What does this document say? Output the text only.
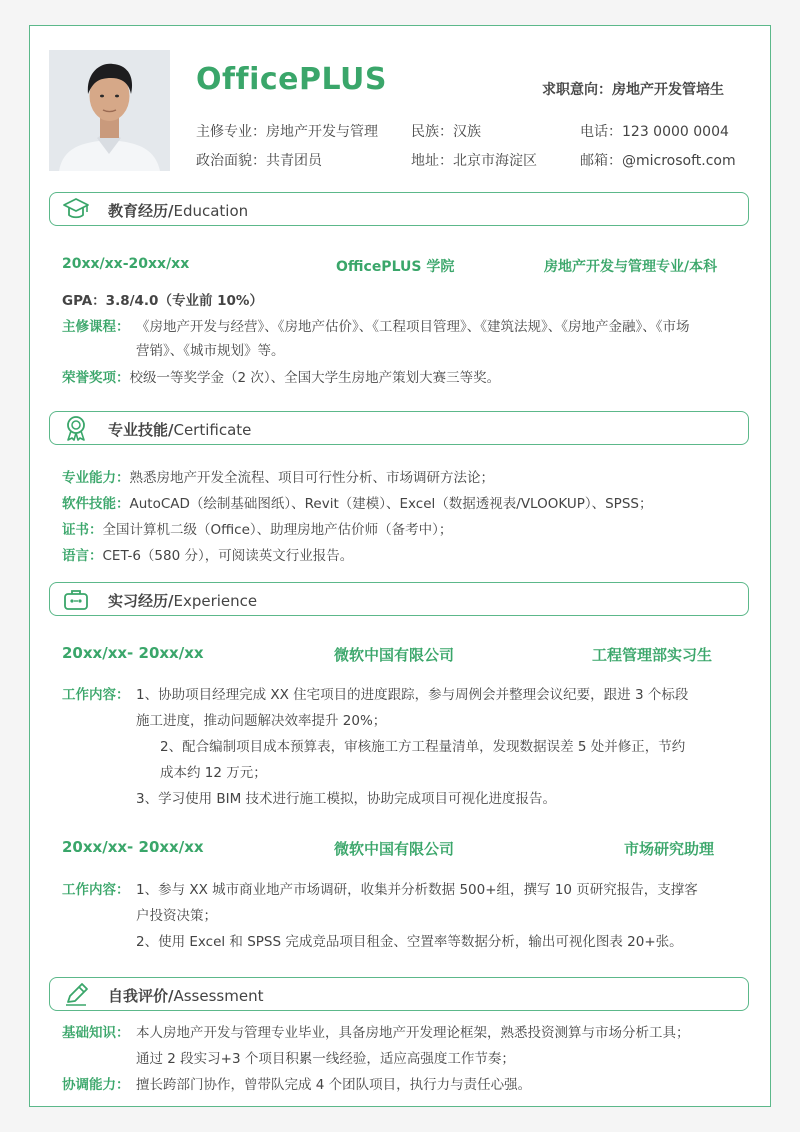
OfficePLUS	求职意向：房地产开发管培生
主修专业：房地产开发与管理 民族：汉族	电话：123 0000 0004
政治面貌：共青团员	地址：北京市海淀区	邮箱：@microsoft.com
教育经历/Education
20xx/xx-20xx/xx	OfficePLUS 学院	房地产开发与管理专业/本科
GPA：3.8/4.0（专业前 10%）
主修课程： 《房地产开发与经营》、《房地产估价》、《工程项目管理》、《建筑法规》、《房地产金融》、《市场
营销》、《城市规划》等。
荣誉奖项：校级一等奖学金（2 次）、全国大学生房地产策划大赛三等奖。
专业技能/Certificate
专业能力：熟悉房地产开发全流程、项目可行性分析、市场调研方法论；
软件技能：AutoCAD（绘制基础图纸）、Revit（建模）、Excel（数据透视表/VLOOKUP）、SPSS；
证书：全国计算机二级（Office）、助理房地产估价师（备考中）；
语言：CET-6（580 分），可阅读英文行业报告。
实习经历/Experience
20xx/xx- 20xx/xx	微软中国有限公司	工程管理部实习生
工作内容： 1、协助项目经理完成 XX 住宅项目的进度跟踪，参与周例会并整理会议纪要，跟进 3 个标段
施工进度，推动问题解决效率提升 20%；
2、配合编制项目成本预算表，审核施工方工程量清单，发现数据误差 5 处并修正，节约
成本约 12 万元；
3、学习使用 BIM 技术进行施工模拟，协助完成项目可视化进度报告。
20xx/xx- 20xx/xx	微软中国有限公司	市场研究助理
工作内容： 1、参与 XX 城市商业地产市场调研，收集并分析数据 500+组，撰写 10 页研究报告，支撑客
户投资决策；
2、使用 Excel 和 SPSS 完成竞品项目租金、空置率等数据分析，输出可视化图表 20+张。
自我评价/Assessment
基础知识： 本人房地产开发与管理专业毕业，具备房地产开发理论框架，熟悉投资测算与市场分析工具；
通过 2 段实习+3 个项目积累一线经验，适应高强度工作节奏；
协调能力： 擅长跨部门协作，曾带队完成 4 个团队项目，执行力与责任心强。
